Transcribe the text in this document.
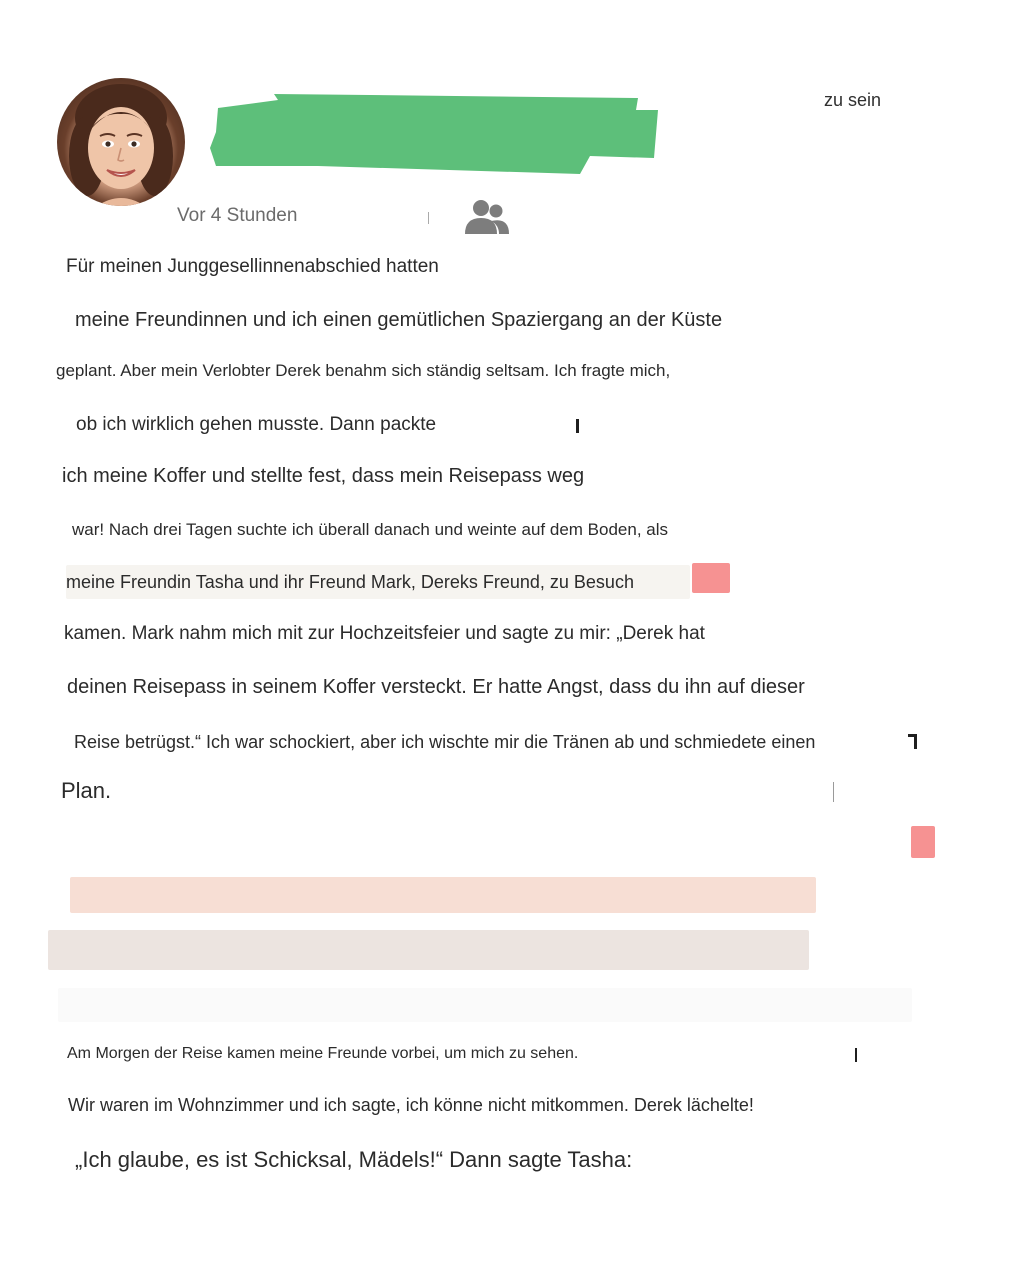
zu sein
Vor 4 Stunden
Für meinen Junggesellinnenabschied hatten
meine Freundinnen und ich einen gemütlichen Spaziergang an der Küste
geplant. Aber mein Verlobter Derek benahm sich ständig seltsam. Ich fragte mich,
ob ich wirklich gehen musste. Dann packte
ich meine Koffer und stellte fest, dass mein Reisepass weg
war! Nach drei Tagen suchte ich überall danach und weinte auf dem Boden, als
meine Freundin Tasha und ihr Freund Mark, Dereks Freund, zu Besuch
kamen. Mark nahm mich mit zur Hochzeitsfeier und sagte zu mir: „Derek hat
deinen Reisepass in seinem Koffer versteckt. Er hatte Angst, dass du ihn auf dieser
Reise betrügst.“ Ich war schockiert, aber ich wischte mir die Tränen ab und schmiedete einen
Plan.
Am Morgen der Reise kamen meine Freunde vorbei, um mich zu sehen.
Wir waren im Wohnzimmer und ich sagte, ich könne nicht mitkommen. Derek lächelte!
„Ich glaube, es ist Schicksal, Mädels!“ Dann sagte Tasha:
